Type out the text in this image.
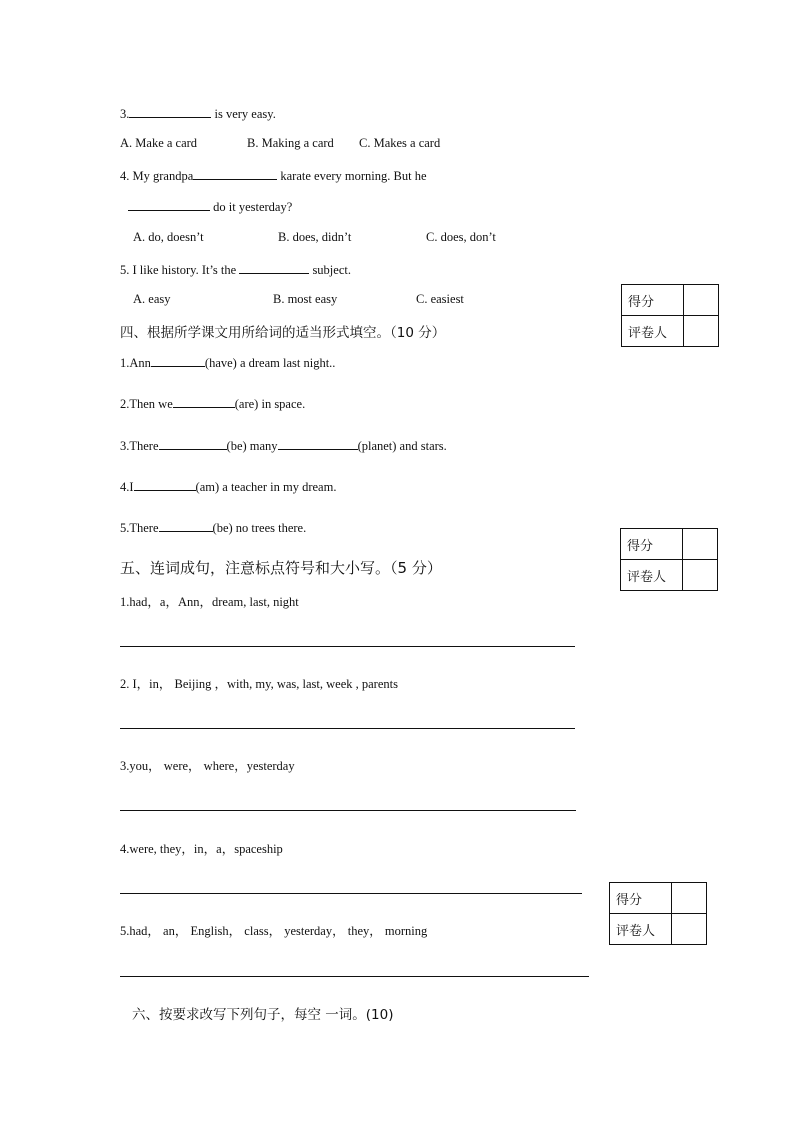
3.	is very easy.
A. Make a card	B. Making a card C. Makes a card
4. My grandpa	karate every morning. But he
do it yesterday?
A. do, doesn’t	B. does, didn’t	C. does, don’t
5. I like history. It’s the	subject.
A. easy	B. most easy	C. easiest	得分	
评卷人	
四、根据所学课文用所给词的适当形式填空。（10 分）
1.Ann	(have) a dream last night..
2.Then we	(are) in space.
3.There	(be) many	(planet) and stars.
4.I	(am) a teacher in my dream.
5.There	(be) no trees there.
得分	
评卷人	
五、连词成句，注意标点符号和大小写。（5 分）
1.had，a，Ann，dream, last, night
2. I，in， Beijing ，with, my, was, last, week , parents
3.you， were， where，yesterday
4.were, they，in，a，spaceship
得分	
评卷人	
5.had， an， English， class， yesterday， they， morning
六、按要求改写下列句子，每空 一词。(10)
